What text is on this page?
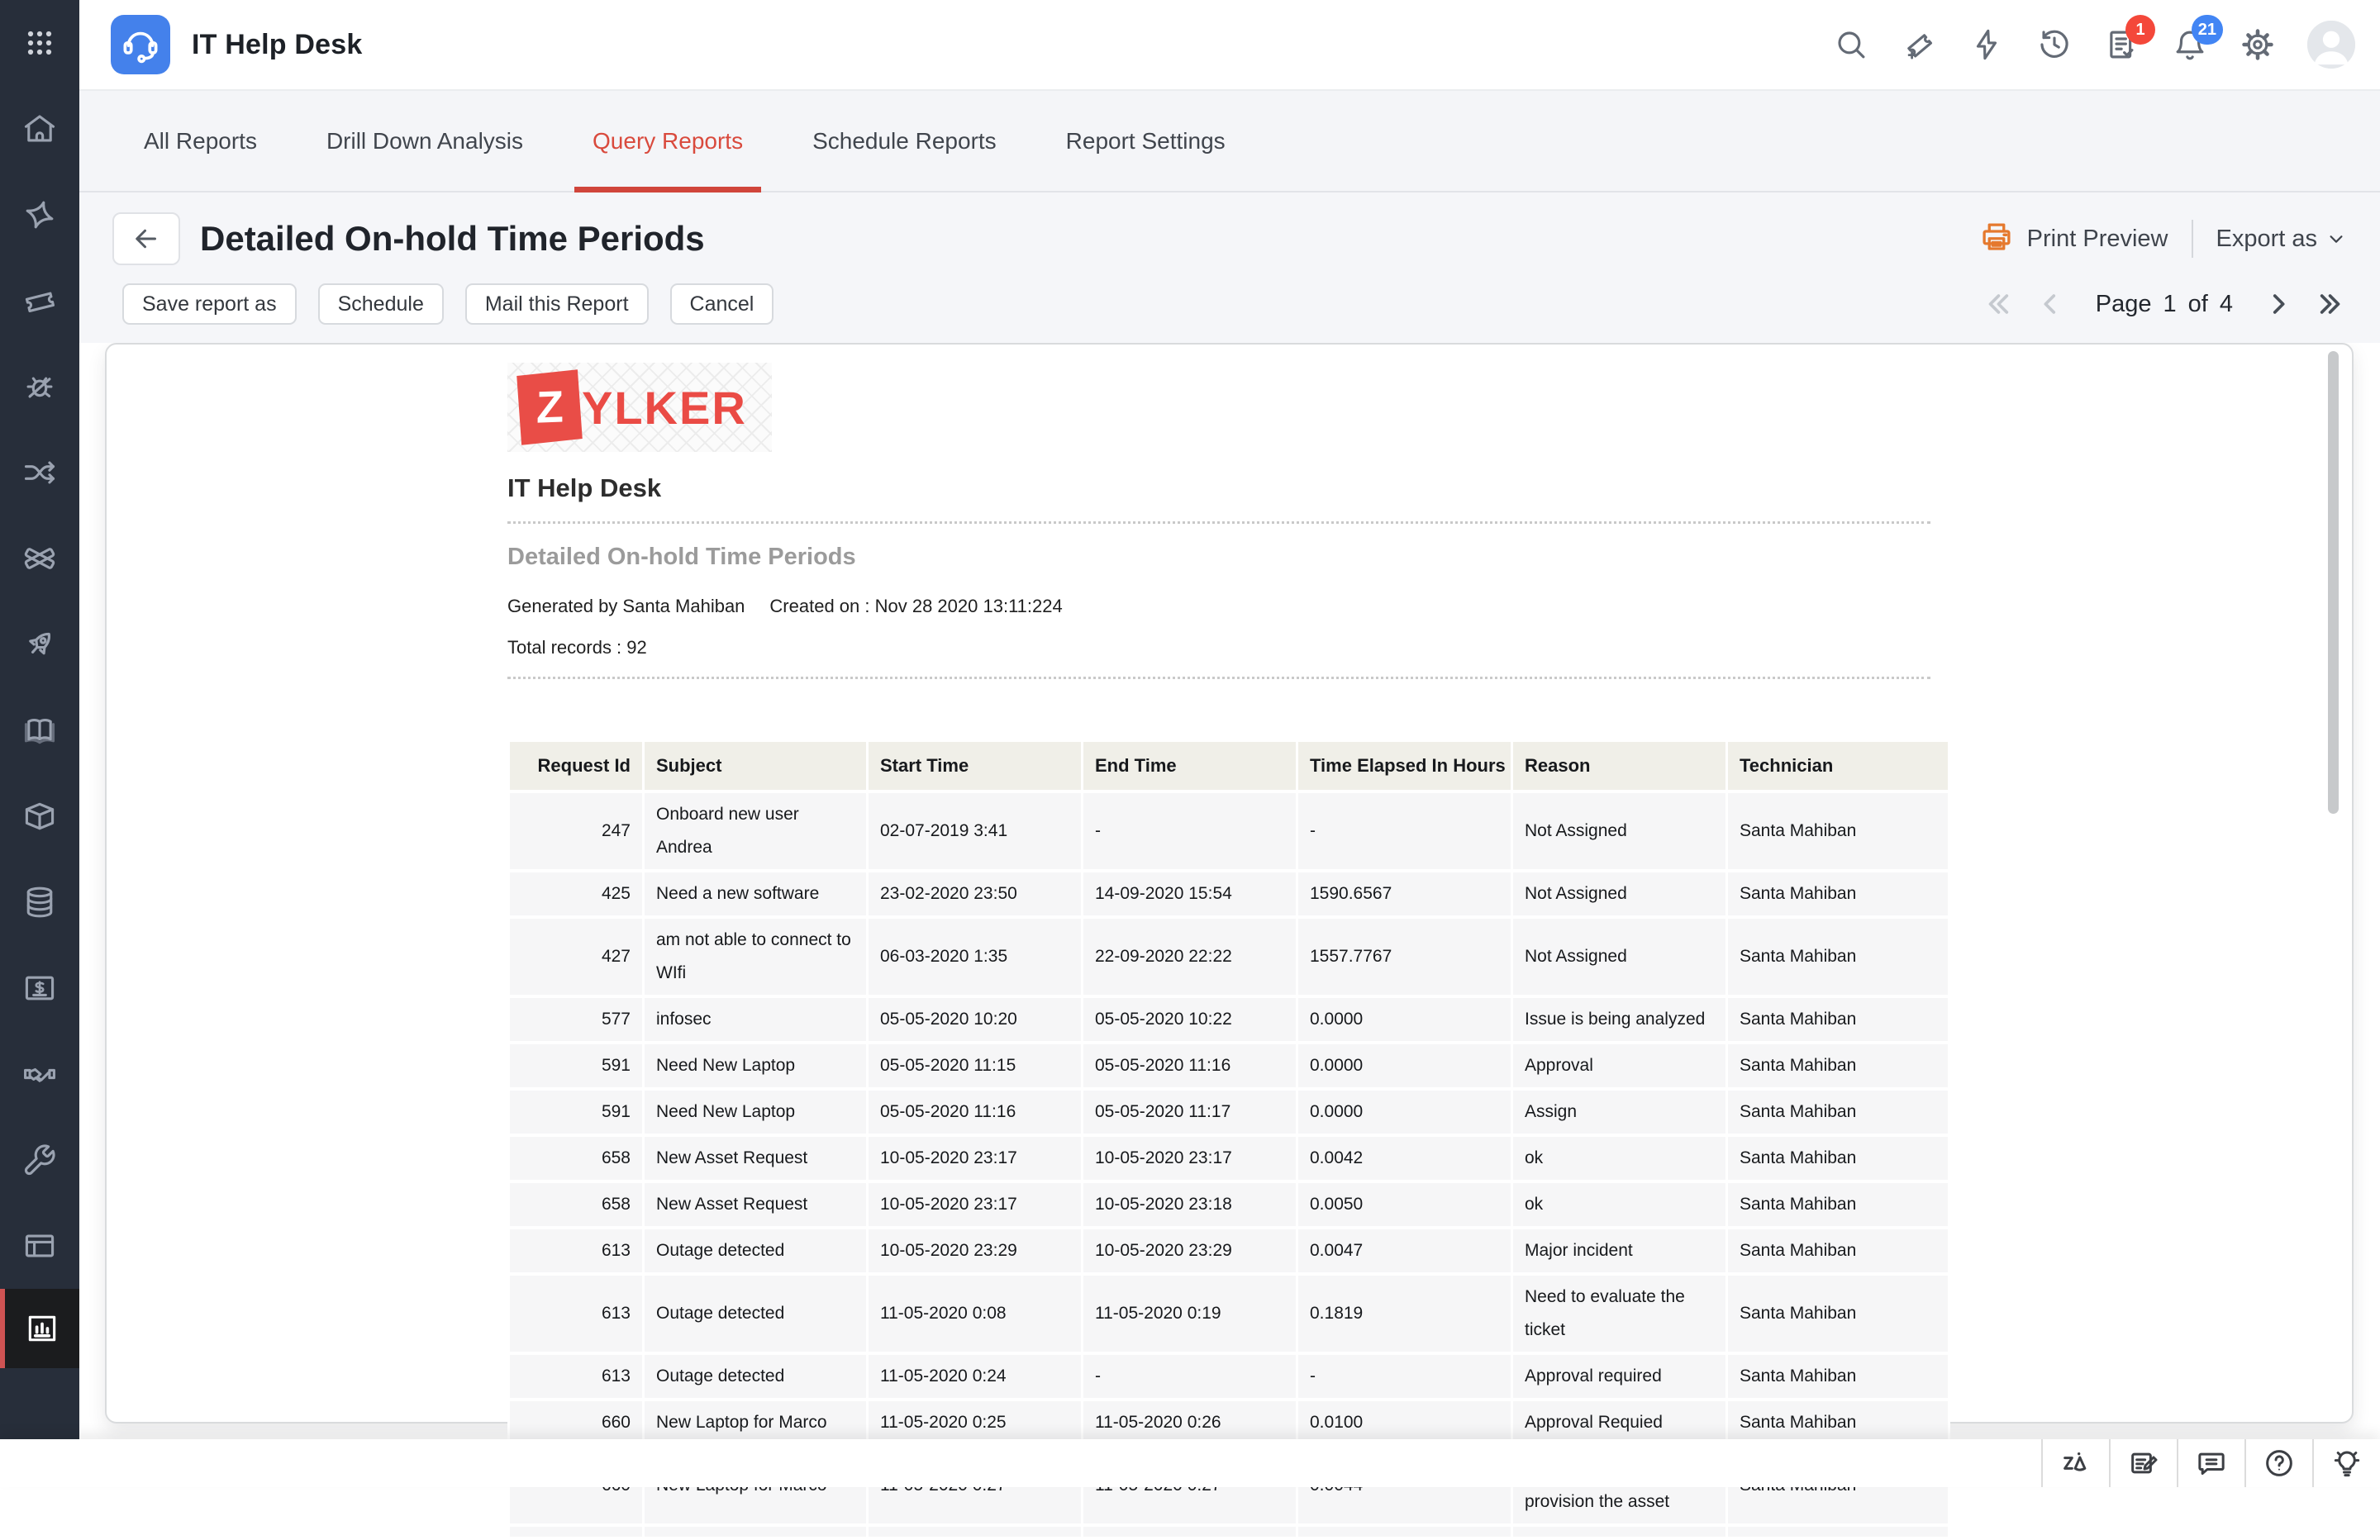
IT Help Desk	1	21
All Reports	Drill Down Analysis	Query Reports	Schedule Reports	Report Settings
Detailed On-hold Time Periods	Print Preview Export as
Save report as	Schedule	Mail this Report	Cancel	Page 1 of 4
Z YLKER
IT Help Desk
Detailed On-hold Time Periods
Generated by Santa Mahiban Created on : Nov 28 2020 13:11:224
Total records : 92
Request Id	Subject	Start Time	End Time	Time Elapsed In Hours	Reason	Technician
247	Onboard new user Andrea	02-07-2019 3:41	-	-	Not Assigned	Santa Mahiban
425	Need a new software	23-02-2020 23:50	14-09-2020 15:54	1590.6567	Not Assigned	Santa Mahiban
427	am not able to connect to WIfi	06-03-2020 1:35	22-09-2020 22:22	1557.7767	Not Assigned	Santa Mahiban
577	infosec	05-05-2020 10:20	05-05-2020 10:22	0.0000	Issue is being analyzed	Santa Mahiban
591	Need New Laptop	05-05-2020 11:15	05-05-2020 11:16	0.0000	Approval	Santa Mahiban
591	Need New Laptop	05-05-2020 11:16	05-05-2020 11:17	0.0000	Assign	Santa Mahiban
658	New Asset Request	10-05-2020 23:17	10-05-2020 23:17	0.0042	ok	Santa Mahiban
658	New Asset Request	10-05-2020 23:17	10-05-2020 23:18	0.0050	ok	Santa Mahiban
613	Outage detected	10-05-2020 23:29	10-05-2020 23:29	0.0047	Major incident	Santa Mahiban
613	Outage detected	11-05-2020 0:08	11-05-2020 0:19	0.1819	Need to evaluate the ticket	Santa Mahiban
613	Outage detected	11-05-2020 0:24	-	-	Approval required	Santa Mahiban
660	New Laptop for Marco	11-05-2020 0:25	11-05-2020 0:26	0.0100	Approval Requied	Santa Mahiban
					provision the asset	
